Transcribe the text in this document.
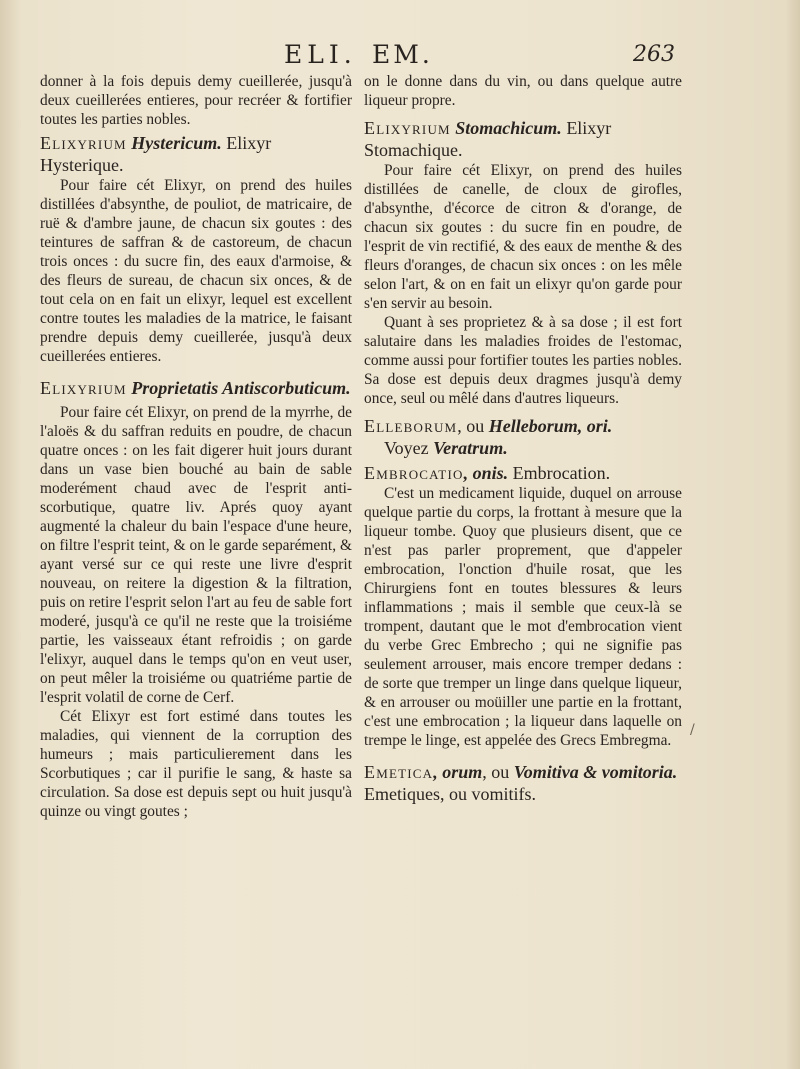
ELI. EM.	263

donner à la fois depuis demy cueillerée, jusqu'à deux cueillerées entieres, pour recréer & fortifier toutes les parties nobles.

Elixyrium Hystericum. Elixyr Hysterique.

Pour faire cét Elixyr, on prend des huiles distillées d'absynthe, de pouliot, de matricaire, de ruë & d'ambre jaune, de chacun six goutes : des teintures de saffran & de castoreum, de chacun trois onces : du sucre fin, des eaux d'armoise, & des fleurs de sureau, de chacun six onces, & de tout cela on en fait un elixyr, lequel est excellent contre toutes les maladies de la matrice, le faisant prendre depuis demy cueillerée, jusqu'à deux cueillerées entieres.

Elixyrium Proprietatis Antiscorbuticum.

Pour faire cét Elixyr, on prend de la myrrhe, de l'aloës & du saffran reduits en poudre, de chacun quatre onces : on les fait digerer huit jours durant dans un vase bien bouché au bain de sable moderément chaud avec de l'esprit anti-scorbutique, quatre liv. Aprés quoy ayant augmenté la chaleur du bain l'espace d'une heure, on filtre l'esprit teint, & on le garde separément, & ayant versé sur ce qui reste une livre d'esprit nouveau, on reitere la digestion & la filtration, puis on retire l'esprit selon l'art au feu de sable fort moderé, jusqu'à ce qu'il ne reste que la troisiéme partie, les vaisseaux étant refroidis ; on garde l'elixyr, auquel dans le temps qu'on en veut user, on peut mêler la troisiéme ou quatriéme partie de l'esprit volatil de corne de Cerf.

Cét Elixyr est fort estimé dans toutes les maladies, qui viennent de la corruption des humeurs ; mais particulierement dans les Scorbutiques ; car il purifie le sang, & haste sa circulation. Sa dose est depuis sept ou huit jusqu'à quinze ou vingt goutes ;

on le donne dans du vin, ou dans quelque autre liqueur propre.

Elixyrium Stomachicum. Elixyr Stomachique.

Pour faire cét Elixyr, on prend des huiles distillées de canelle, de cloux de girofles, d'absynthe, d'écorce de citron & d'orange, de chacun six goutes : du sucre fin en poudre, de l'esprit de vin rectifié, & des eaux de menthe & des fleurs d'oranges, de chacun six onces : on les mêle selon l'art, & on en fait un elixyr qu'on garde pour s'en servir au besoin.

Quant à ses proprietez & à sa dose ; il est fort salutaire dans les maladies froides de l'estomac, comme aussi pour fortifier toutes les parties nobles. Sa dose est depuis deux dragmes jusqu'à demy once, seul ou mêlé dans d'autres liqueurs.

Elleborum, ou Helleborum, ori.
Voyez Veratrum.
Embrocatio, onis. Embrocation.

C'est un medicament liquide, duquel on arrouse quelque partie du corps, la frottant à mesure que la liqueur tombe. Quoy que plusieurs disent, que ce n'est pas parler proprement, que d'appeler embrocation, l'onction d'huile rosat, que les Chirurgiens font en toutes blessures & leurs inflammations ; mais il semble que ceux-là se trompent, dautant que le mot d'embrocation vient du verbe Grec Embrecho ; qui ne signifie pas seulement arrouser, mais encore tremper dedans : de sorte que tremper un linge dans quelque liqueur, & en arrouser ou moüiller une partie en la frottant, c'est une embrocation ; la liqueur dans laquelle on trempe le linge, est appelée des Grecs Embregma.

Emetica, orum, ou Vomitiva & vomitoria. Emetiques, ou vomitifs.
/
